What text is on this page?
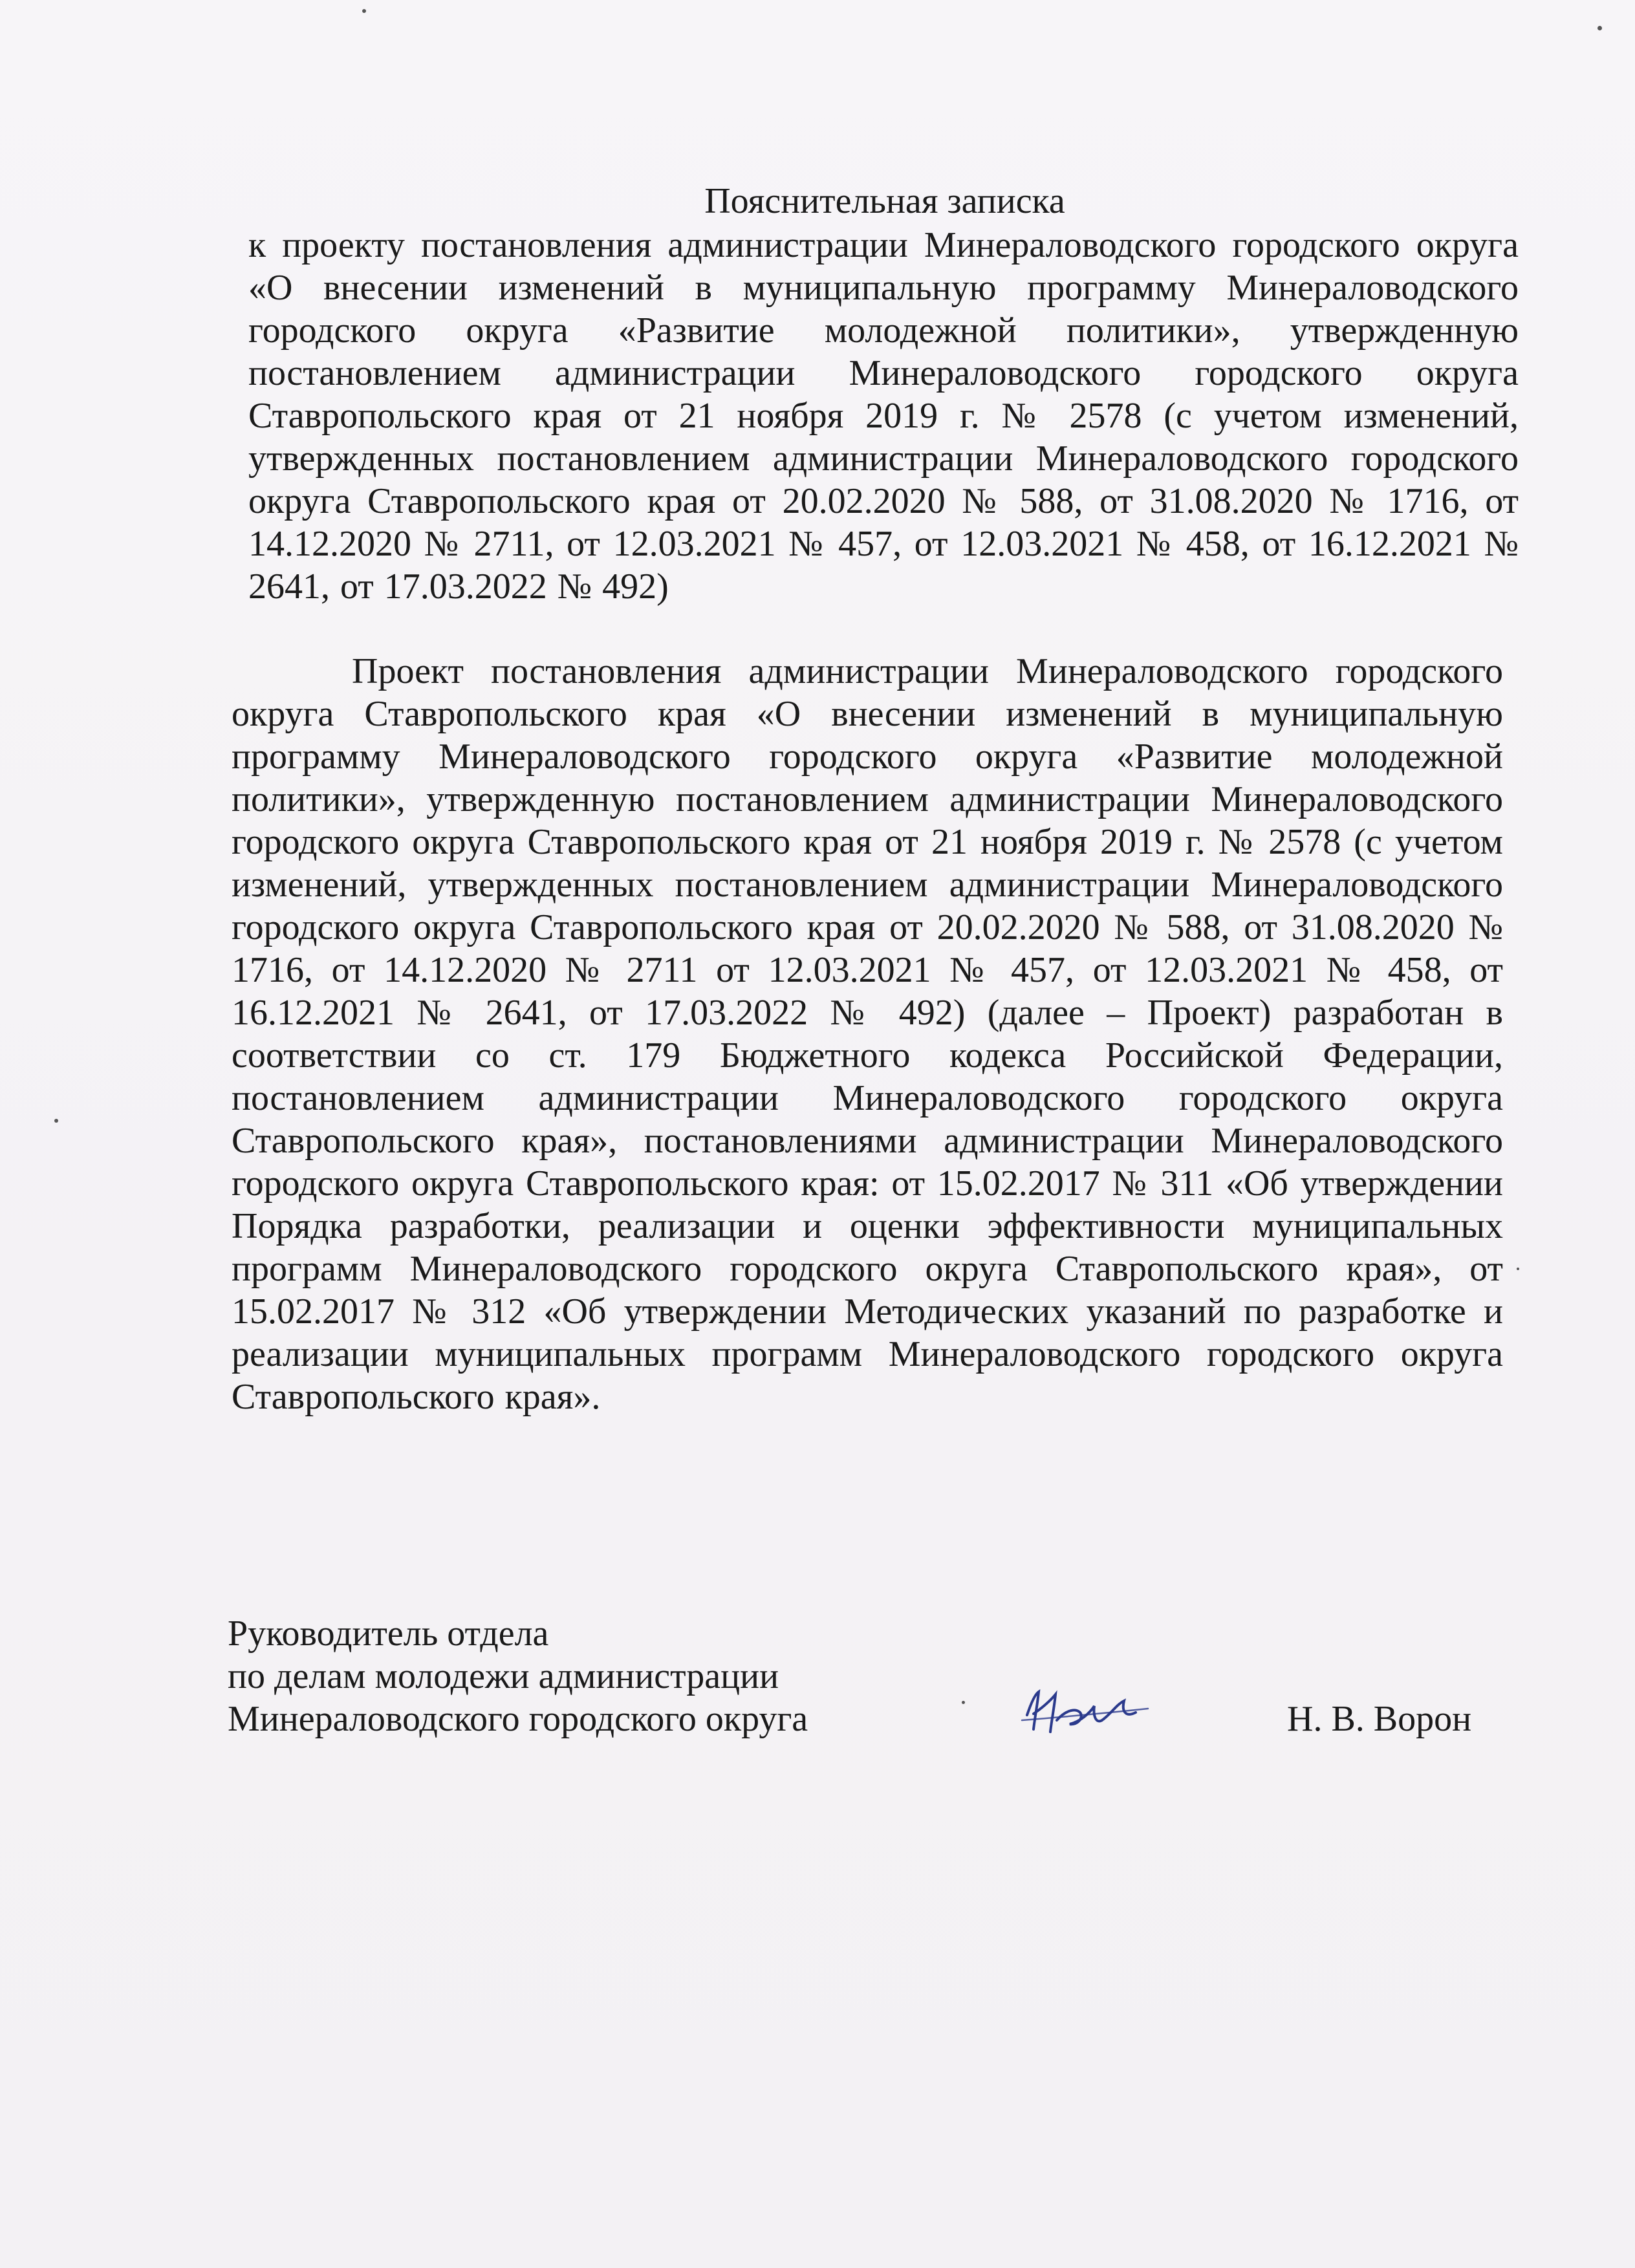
Пояснительная записка
к проекту постановления администрации Минераловодского городского округа «О внесении изменений в муниципальную программу Минераловодского городского округа «Развитие молодежной политики», утвержденную постановлением администрации Минераловодского городского округа Ставропольского края от 21 ноября 2019 г. № 2578 (с учетом изменений, утвержденных постановлением администрации Минераловодского городского округа Ставропольского края от 20.02.2020 № 588, от 31.08.2020 № 1716, от 14.12.2020 № 2711, от 12.03.2021 № 457, от 12.03.2021 № 458, от 16.12.2021 № 2641, от 17.03.2022 № 492)
Проект постановления администрации Минераловодского городского округа Ставропольского края «О внесении изменений в муниципальную программу Минераловодского городского округа «Развитие молодежной политики», утвержденную постановлением администрации Минераловодского городского округа Ставропольского края от 21 ноября 2019 г. № 2578 (с учетом изменений, утвержденных постановлением администрации Минераловодского городского округа Ставропольского края от 20.02.2020 № 588, от 31.08.2020 № 1716, от 14.12.2020 № 2711 от 12.03.2021 № 457, от 12.03.2021 № 458, от 16.12.2021 № 2641, от 17.03.2022 № 492) (далее – Проект) разработан в соответствии со ст. 179 Бюджетного кодекса Российской Федерации, постановлением администрации Минераловодского городского округа Ставропольского края», постановлениями администрации Минераловодского городского округа Ставропольского края: от 15.02.2017 № 311 «Об утверждении Порядка разработки, реализации и оценки эффективности муниципальных программ Минераловодского городского округа Ставропольского края», от 15.02.2017 № 312 «Об утверждении Методических указаний по разработке и реализации муниципальных программ Минераловодского городского округа Ставропольского края».
Руководитель отдела
по делам молодежи администрации
Минераловодского городского округа	Н. В. Ворон
